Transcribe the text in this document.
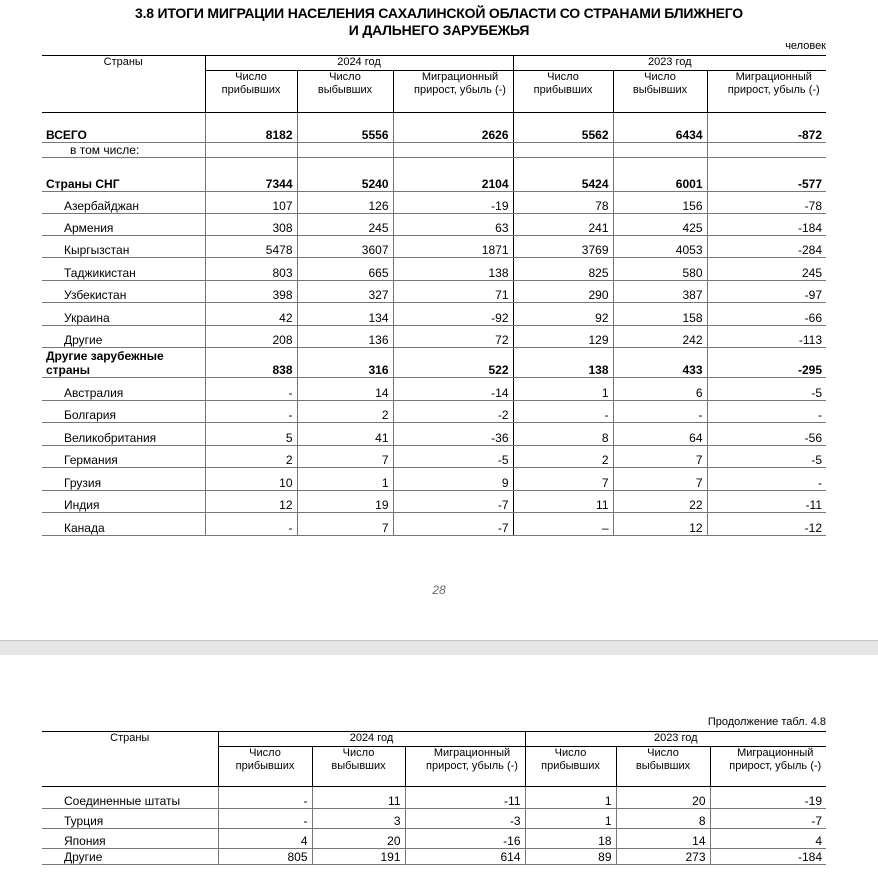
3.8 ИТОГИ МИГРАЦИИ НАСЕЛЕНИЯ САХАЛИНСКОЙ ОБЛАСТИ СО СТРАНАМИ БЛИЖНЕГО
И ДАЛЬНЕГО ЗАРУБЕЖЬЯ
человек
Страны	2024 год			2023 год		
	Число прибывших	Число выбывших	Миграционный прирост, убыль (-)	Число прибывших	Число выбывших	Миграционный прирост, убыль (-)
ВСЕГО	8182	5556	2626	5562	6434	-872
в том числе:						
Страны СНГ	7344	5240	2104	5424	6001	-577
Азербайджан	107	126	-19	78	156	-78
Армения	308	245	63	241	425	-184
Кыргызстан	5478	3607	1871	3769	4053	-284
Таджикистан	803	665	138	825	580	245
Узбекистан	398	327	71	290	387	-97
Украина	42	134	-92	92	158	-66
Другие	208	136	72	129	242	-113
Другие зарубежные страны	838	316	522	138	433	-295
Австралия	-	14	-14	1	6	-5
Болгария	-	2	-2	-	-	-
Великобритания	5	41	-36	8	64	-56
Германия	2	7	-5	2	7	-5
Грузия	10	1	9	7	7	-
Индия	12	19	-7	11	22	-11
Канада	-	7	-7	–	12	-12
28
Продолжение табл. 4.8
Страны	2024 год			2023 год		
	Число прибывших	Число выбывших	Миграционный прирост, убыль (-)	Число прибывших	Число выбывших	Миграционный прирост, убыль (-)
Соединенные штаты	-	11	-11	1	20	-19
Турция	-	3	-3	1	8	-7
Япония	4	20	-16	18	14	4
Другие	805	191	614	89	273	-184
